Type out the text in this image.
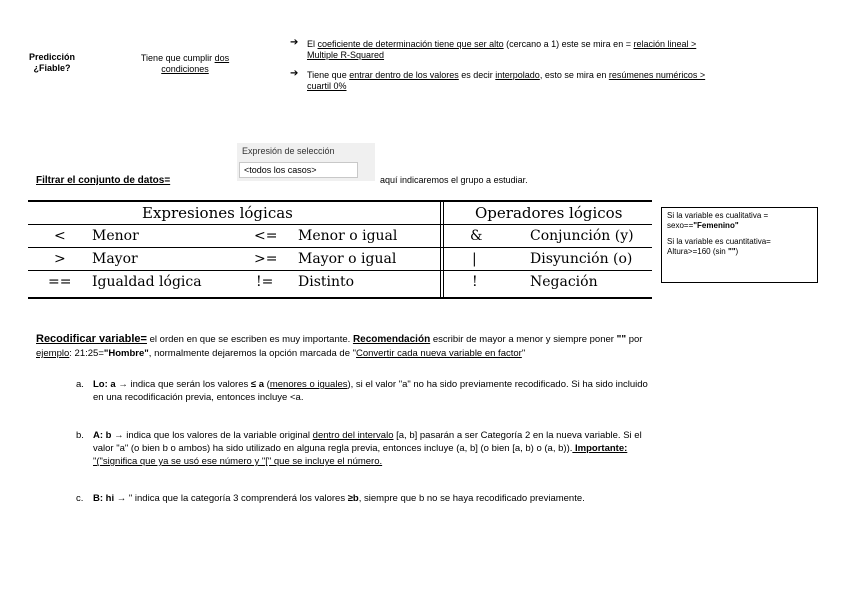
Predicción
¿Fiable?
Tiene que cumplir dos
condiciones
➔ El coeficiente de determinación tiene que ser alto (cercano a 1) este se mira en = relación lineal >
Multiple R-Squared
➔ Tiene que entrar dentro de los valores es decir interpolado, esto se mira en resúmenes numéricos >
cuartil 0%
Expresión de selección
<todos los casos>
Filtrar el conjunto de datos=	aquí indicaremos el grupo a estudiar.
Expresiones lógicas	Operadores lógicos
< Menor	<= Menor o igual	&	Conjunción (y)
> Mayor	>= Mayor o igual	|	Disyunción (o)
== Igualdad lógica	!= Distinto	!	Negación
Si la variable es cualitativa =
sexo=="Femenino"
Si la variable es cuantitativa=
Altura>=160 (sin "")
Recodificar variable= el orden en que se escriben es muy importante. Recomendación escribir de mayor a menor y siempre poner "" por
ejemplo: 21:25="Hombre", normalmente dejaremos la opción marcada de "Convertir cada nueva variable en factor"
a. Lo: a → indica que serán los valores ≤ a (menores o iguales), si el valor "a" no ha sido previamente recodificado. Si ha sido incluido
en una recodificación previa, entonces incluye <a.
b. A: b → indica que los valores de la variable original dentro del intervalo [a, b] pasarán a ser Categoría 2 en la nueva variable. Si el
valor "a" (o bien b o ambos) ha sido utilizado en alguna regla previa, entonces incluye (a, b] (o bien [a, b) o (a, b)). Importante:
"("significa que ya se usó ese número y "[" que se incluye el número.
c. B: hi → " indica que la categoría 3 comprenderá los valores ≥b, siempre que b no se haya recodificado previamente.
